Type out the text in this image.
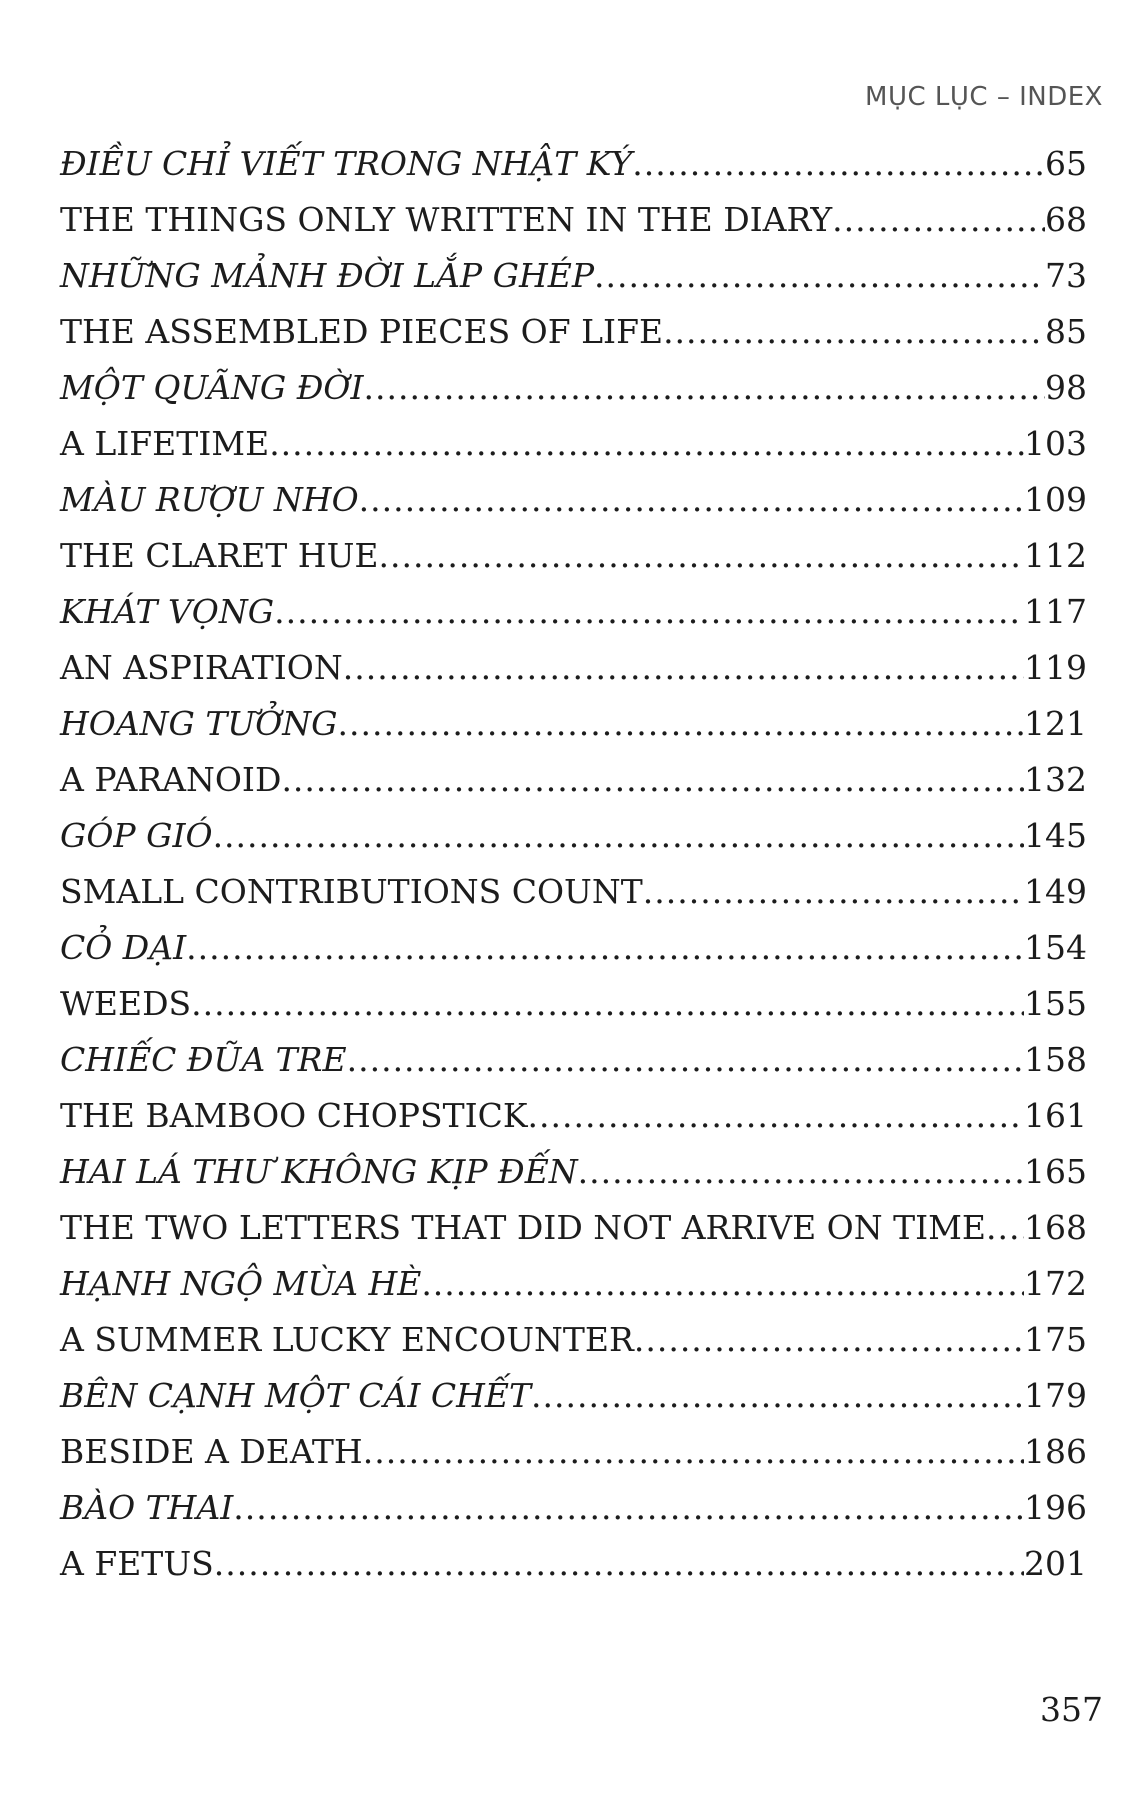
MỤC LỤC – INDEX
ĐIỀU CHỈ VIẾT TRONG NHẬT KÝ .....	65
THE THINGS ONLY WRITTEN IN THE DIARY .....	68
NHỮNG MẢNH ĐỜI LẮP GHÉP .....	73
THE ASSEMBLED PIECES OF LIFE .....	85
MỘT QUÃNG ĐỜI .....	98
A LIFETIME .....	103
MÀU RƯỢU NHO .....	109
THE CLARET HUE .....	112
KHÁT VỌNG .....	117
AN ASPIRATION .....	119
HOANG TƯỞNG .....	121
A PARANOID .....	132
GÓP GIÓ .....	145
SMALL CONTRIBUTIONS COUNT .....	149
CỎ DẠI .....	154
WEEDS .....	155
CHIẾC ĐŨA TRE .....	158
THE BAMBOO CHOPSTICK .....	161
HAI LÁ THƯ KHÔNG KỊP ĐẾN .....	165
THE TWO LETTERS THAT DID NOT ARRIVE ON TIME ..... 168
HẠNH NGỘ MÙA HÈ .....	172
A SUMMER LUCKY ENCOUNTER .....	175
BÊN CẠNH MỘT CÁI CHẾT .....	179
BESIDE A DEATH .....	186
BÀO THAI .....	196
A FETUS .....	201
357
